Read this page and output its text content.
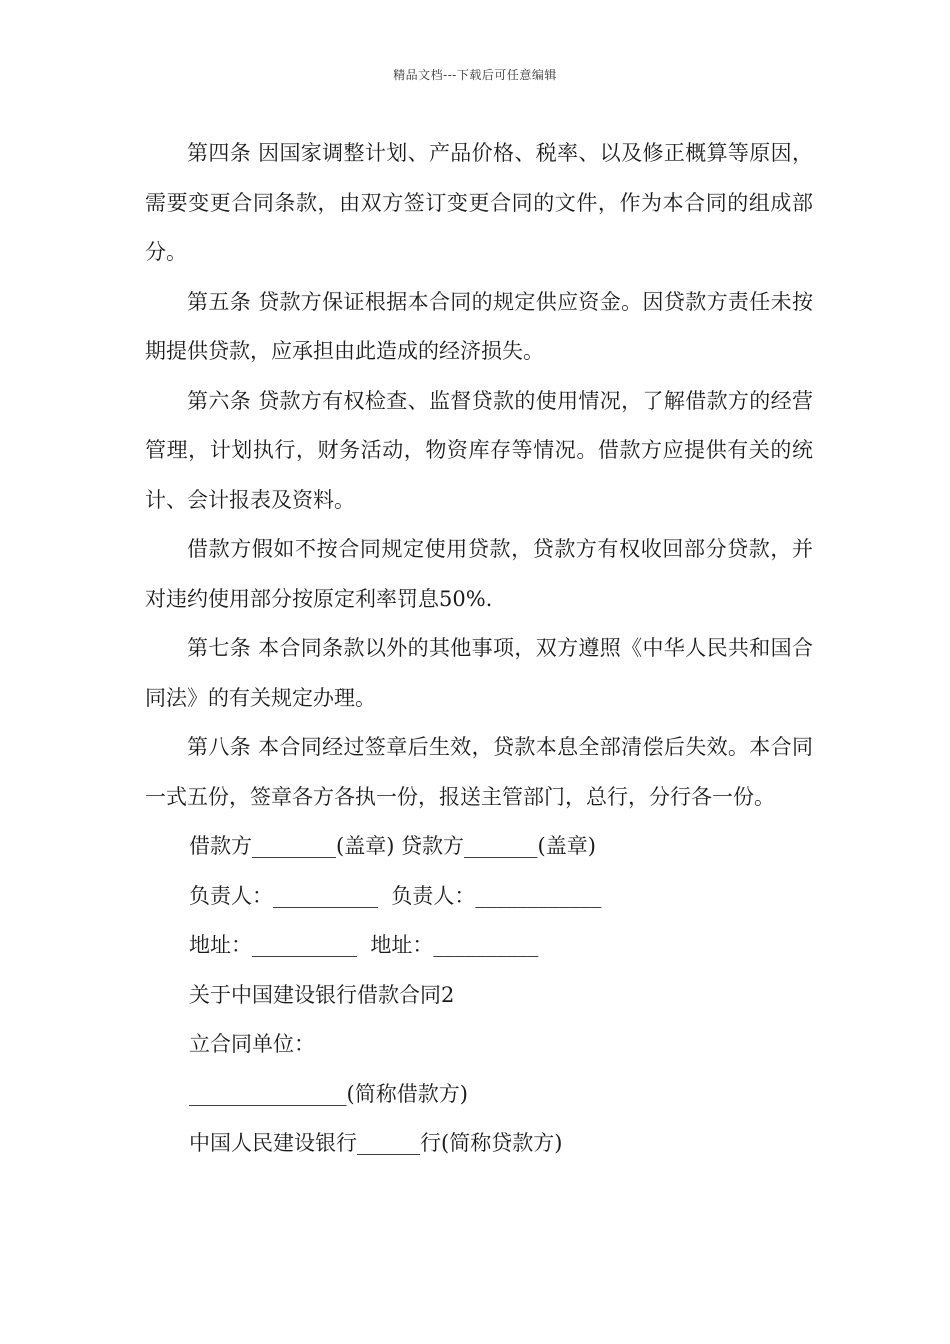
精品文档---下载后可任意编辑

第四条 因国家调整计划、产品价格、税率、以及修正概算等原因，需要变更合同条款，由双方签订变更合同的文件，作为本合同的组成部分。

第五条 贷款方保证根据本合同的规定供应资金。因贷款方责任未按期提供贷款，应承担由此造成的经济损失。

第六条 贷款方有权检查、监督贷款的使用情况，了解借款方的经营管理，计划执行，财务活动，物资库存等情况。借款方应提供有关的统计、会计报表及资料。

借款方假如不按合同规定使用贷款，贷款方有权收回部分贷款，并对违约使用部分按原定利率罚息50%.

第七条 本合同条款以外的其他事项，双方遵照《中华人民共和国合同法》的有关规定办理。

第八条 本合同经过签章后生效，贷款本息全部清偿后失效。本合同一式五份，签章各方各执一份，报送主管部门，总行，分行各一份。

借款方________(盖章) 贷款方_______(盖章)

负责人：__________  负责人：____________

地址：__________  地址：__________

关于中国建设银行借款合同2

立合同单位：

_______________(简称借款方)

中国人民建设银行______行(简称贷款方)
